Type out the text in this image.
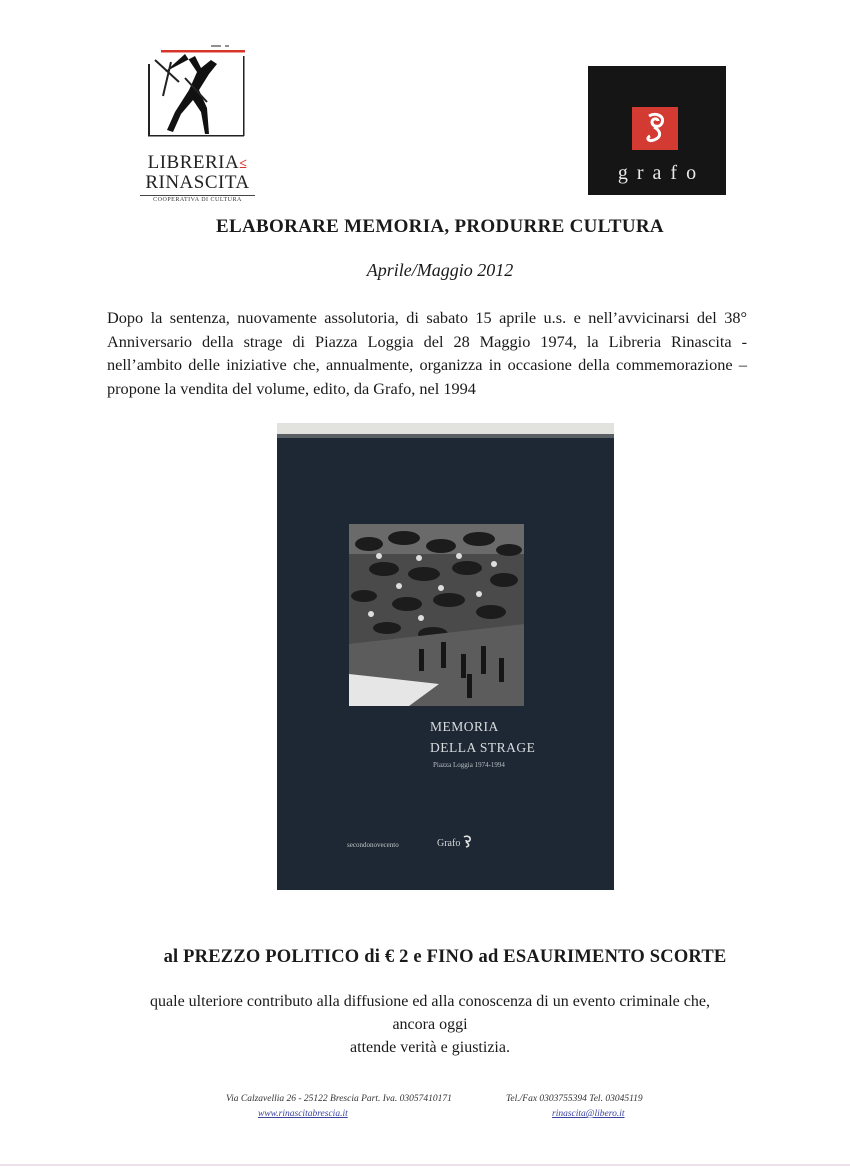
LIBRERIA≤
RINASCITA
COOPERATIVA DI CULTURA
grafo
ELABORARE MEMORIA, PRODURRE CULTURA
Aprile/Maggio 2012
Dopo la sentenza, nuovamente assolutoria, di sabato 15 aprile u.s. e nell’avvicinarsi del 38° Anniversario della strage di Piazza Loggia del 28 Maggio 1974, la Libreria Rinascita - nell’ambito delle iniziative che, annualmente, organizza in occasione della commemorazione – propone la vendita del volume, edito, da Grafo, nel 1994
MEMORIA
DELLA STRAGE
Piazza Loggia 1974-1994
secondonovecento	Grafo
al PREZZO POLITICO di € 2 e FINO ad ESAURIMENTO SCORTE
quale ulteriore contributo alla diffusione ed alla conoscenza di un evento criminale che,
ancora oggi
attende verità e giustizia.
Via Calzavellia 26 - 25122 Brescia Part. Iva. 03057410171	Tel./Fax 0303755394 Tel. 03045119
www.rinascitabrescia.it	rinascita@libero.it
